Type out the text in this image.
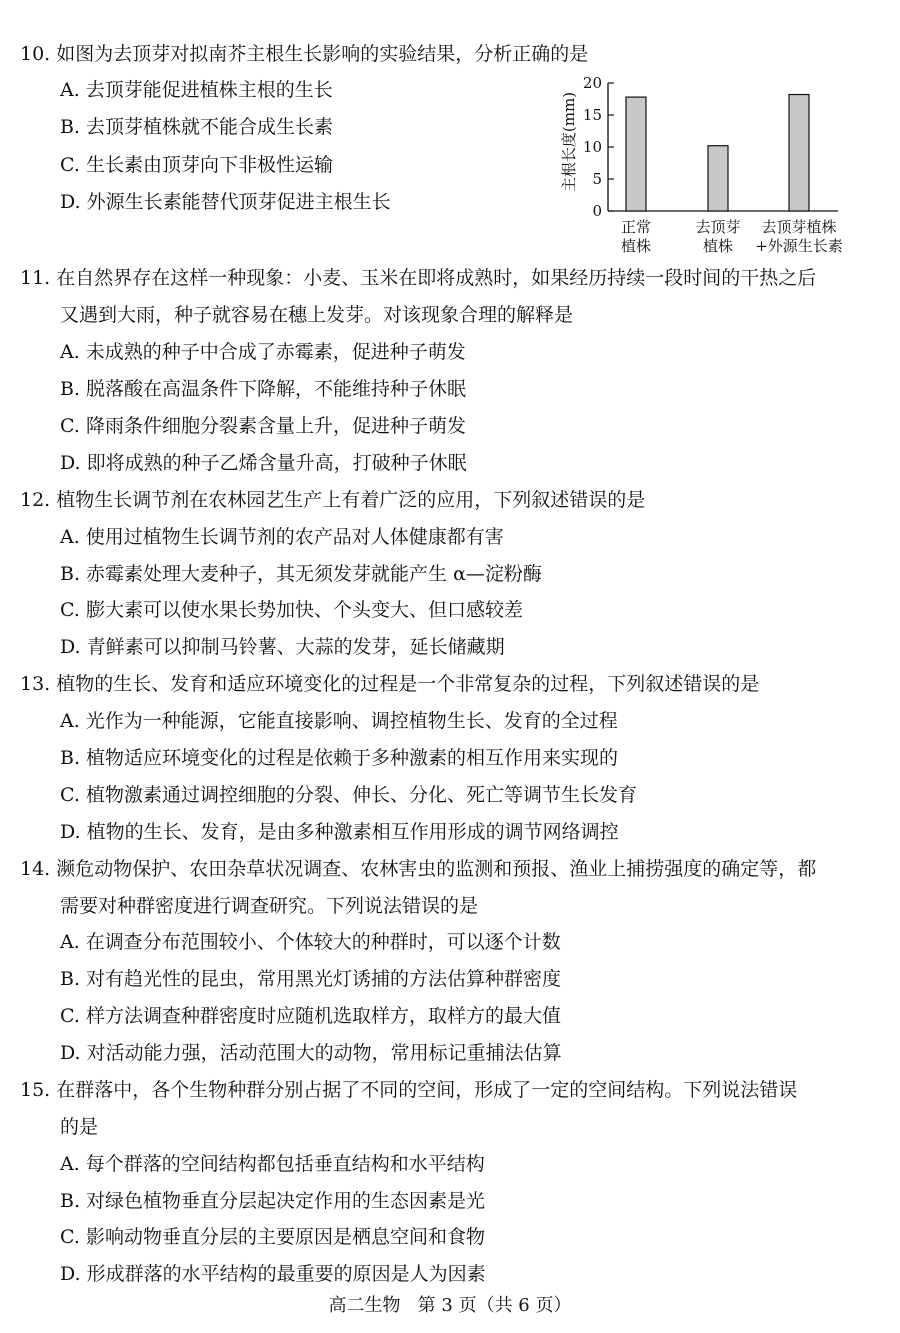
10. 如图为去顶芽对拟南芥主根生长影响的实验结果，分析正确的是
A. 去顶芽能促进植株主根的生长
B. 去顶芽植株就不能合成生长素
C. 生长素由顶芽向下非极性运输
D. 外源生长素能替代顶芽促进主根生长
主根长度(mm)
20
15
10
5
0
正常
植株
去顶芽
植株
去顶芽植株
+外源生长素
11. 在自然界存在这样一种现象：小麦、玉米在即将成熟时，如果经历持续一段时间的干热之后
又遇到大雨，种子就容易在穗上发芽。对该现象合理的解释是
A. 未成熟的种子中合成了赤霉素，促进种子萌发
B. 脱落酸在高温条件下降解，不能维持种子休眠
C. 降雨条件细胞分裂素含量上升，促进种子萌发
D. 即将成熟的种子乙烯含量升高，打破种子休眠
12. 植物生长调节剂在农林园艺生产上有着广泛的应用，下列叙述错误的是
A. 使用过植物生长调节剂的农产品对人体健康都有害
B. 赤霉素处理大麦种子，其无须发芽就能产生 α—淀粉酶
C. 膨大素可以使水果长势加快、个头变大、但口感较差
D. 青鲜素可以抑制马铃薯、大蒜的发芽，延长储藏期
13. 植物的生长、发育和适应环境变化的过程是一个非常复杂的过程，下列叙述错误的是
A. 光作为一种能源，它能直接影响、调控植物生长、发育的全过程
B. 植物适应环境变化的过程是依赖于多种激素的相互作用来实现的
C. 植物激素通过调控细胞的分裂、伸长、分化、死亡等调节生长发育
D. 植物的生长、发育，是由多种激素相互作用形成的调节网络调控
14. 濒危动物保护、农田杂草状况调查、农林害虫的监测和预报、渔业上捕捞强度的确定等，都
需要对种群密度进行调查研究。下列说法错误的是
A. 在调查分布范围较小、个体较大的种群时，可以逐个计数
B. 对有趋光性的昆虫，常用黑光灯诱捕的方法估算种群密度
C. 样方法调查种群密度时应随机选取样方，取样方的最大值
D. 对活动能力强，活动范围大的动物，常用标记重捕法估算
15. 在群落中，各个生物种群分别占据了不同的空间，形成了一定的空间结构。下列说法错误
的是
A. 每个群落的空间结构都包括垂直结构和水平结构
B. 对绿色植物垂直分层起决定作用的生态因素是光
C. 影响动物垂直分层的主要原因是栖息空间和食物
D. 形成群落的水平结构的最重要的原因是人为因素
高二生物   第 3 页（共 6 页）
